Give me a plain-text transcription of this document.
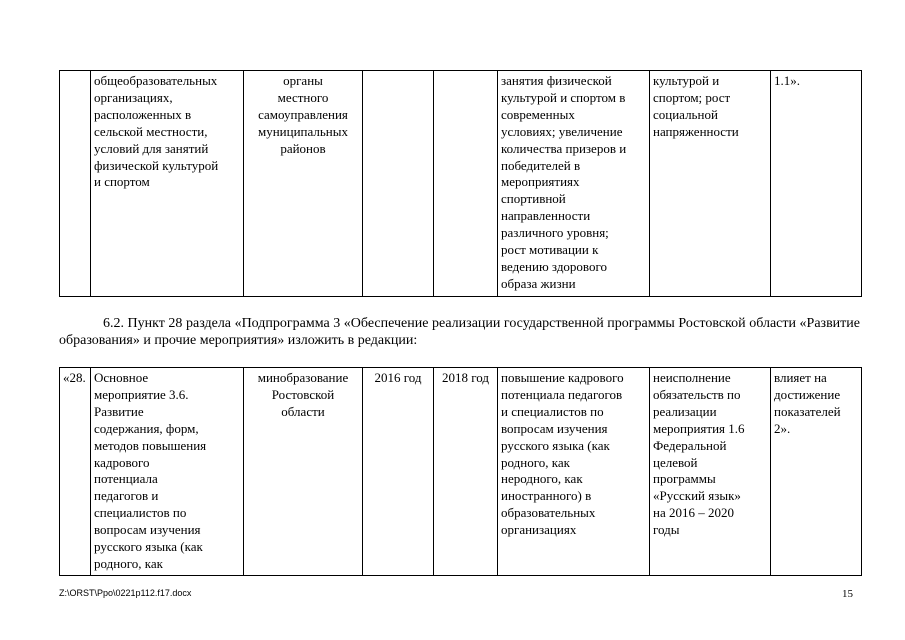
	общеобразовательных
организациях,
расположенных в
сельской местности,
условий для занятий
физической культурой
и спортом	органы
местного
самоуправления
муниципальных
районов			занятия физической
культурой и спортом в
современных
условиях; увеличение
количества призеров и
победителей в
мероприятиях
спортивной
направленности
различного уровня;
рост мотивации к
ведению здорового
образа жизни	культурой и
спортом; рост
социальной
напряженности	1.1».

6.2. Пункт 28 раздела «Подпрограмма 3 «Обеспечение реализации государственной программы Ростовской области «Развитие образования» и прочие мероприятия» изложить в редакции:

«28.	Основное
мероприятие 3.6.
Развитие
содержания, форм,
методов повышения
кадрового
потенциала
педагогов и
специалистов по
вопросам изучения
русского языка (как
родного, как	минобразование
Ростовской
области	2016 год	2018 год	повышение кадрового
потенциала педагогов
и специалистов по
вопросам изучения
русского языка (как
родного, как
неродного, как
иностранного) в
образовательных
организациях	неисполнение
обязательств по
реализации
мероприятия 1.6
Федеральной
целевой
программы
«Русский язык»
на 2016 – 2020
годы	влияет на
достижение
показателей
2».
Z:\ORST\Ppo\0221p112.f17.docx	15
